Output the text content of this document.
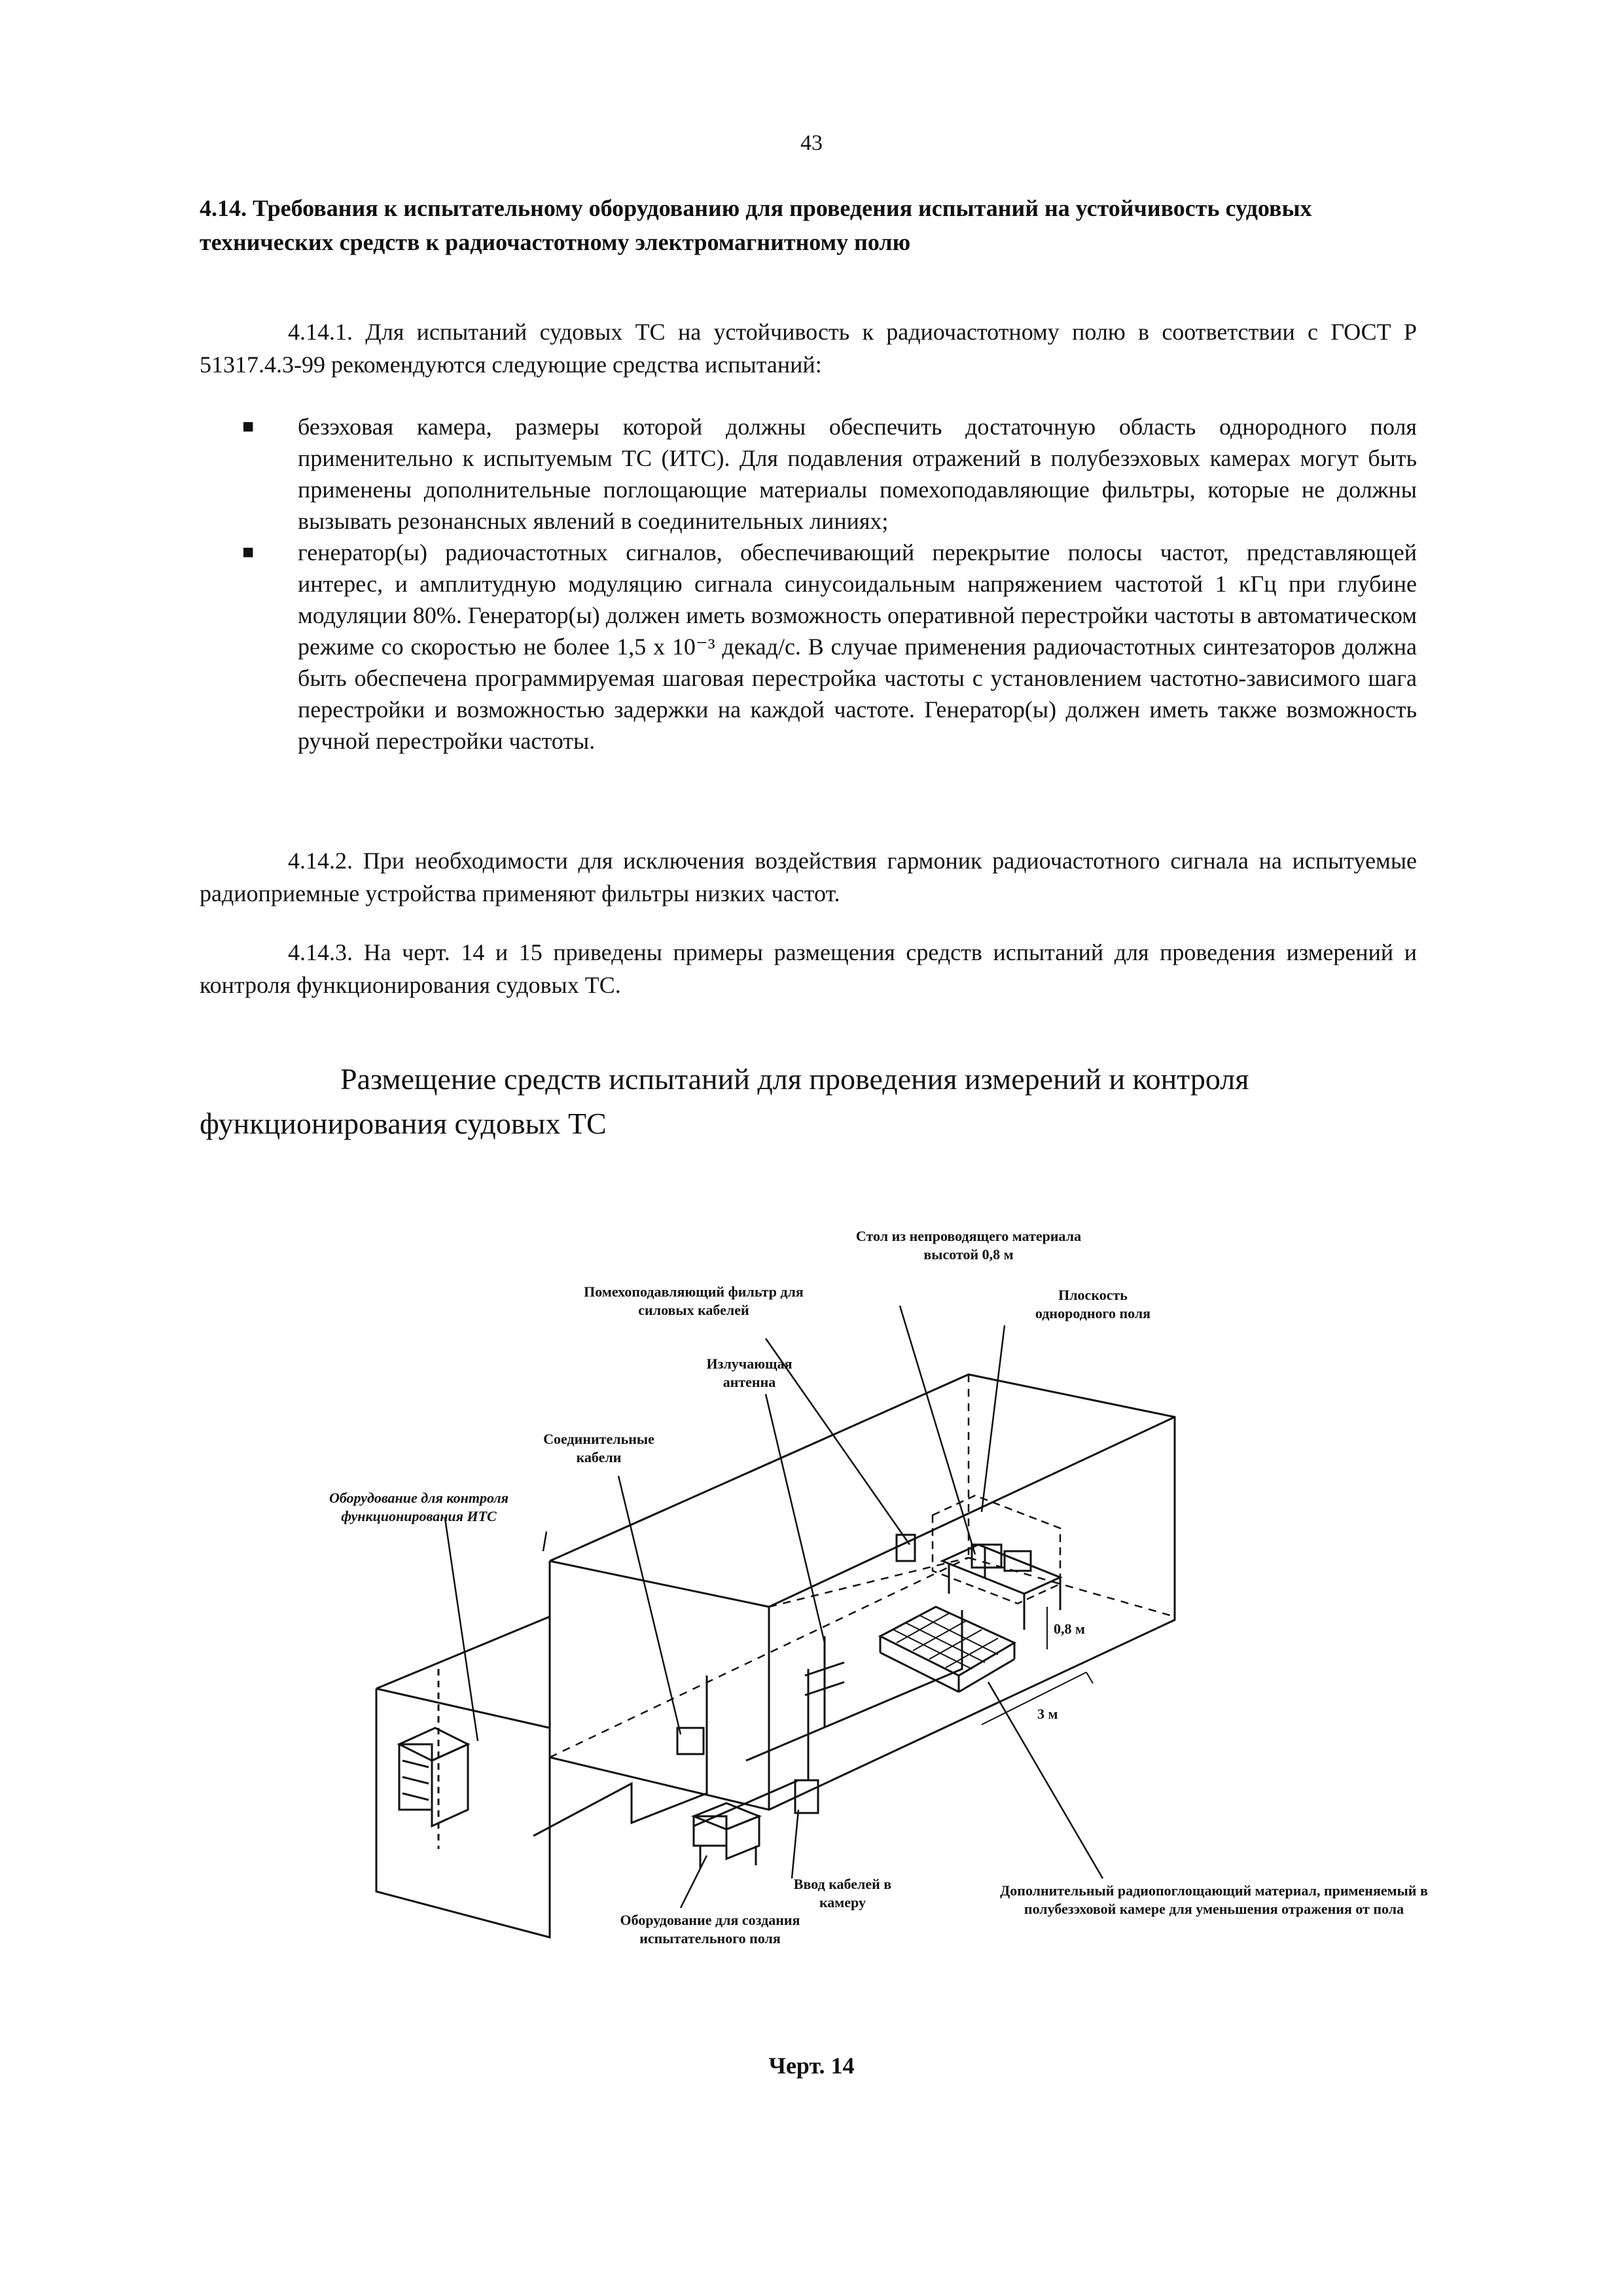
43
4.14. Требования к испытательному оборудованию для проведения испытаний на устойчивость судовых технических средств к радиочастотному электромагнитному полю
4.14.1. Для испытаний судовых ТС на устойчивость к радиочастотному полю в соответствии с ГОСТ Р 51317.4.3-99 рекомендуются следующие средства испытаний:
■ безэховая камера, размеры которой должны обеспечить достаточную область однородного поля применительно к испытуемым ТС (ИТС). Для подавления отражений в полубезэховых камерах могут быть применены дополнительные поглощающие материалы помехоподавляющие фильтры, которые не должны вызывать резонансных явлений в соединительных линиях;
■ генератор(ы) радиочастотных сигналов, обеспечивающий перекрытие полосы частот, представляющей интерес, и амплитудную модуляцию сигнала синусоидальным напряжением частотой 1 кГц при глубине модуляции 80%. Генератор(ы) должен иметь возможность оперативной перестройки частоты в автоматическом режиме со скоростью не более 1,5 х 10⁻³ декад/с. В случае применения радиочастотных синтезаторов должна быть обеспечена программируемая шаговая перестройка частоты с установлением частотно-зависимого шага перестройки и возможностью задержки на каждой частоте. Генератор(ы) должен иметь также возможность ручной перестройки частоты.
4.14.2. При необходимости для исключения воздействия гармоник радиочастотного сигнала на испытуемые радиоприемные устройства применяют фильтры низких частот.
4.14.3. На черт. 14 и 15 приведены примеры размещения средств испытаний для проведения измерений и контроля функционирования судовых ТС.
Размещение средств испытаний для проведения измерений и контроля функционирования судовых ТС
Стол из непроводящего материала высотой 0,8 м
Помехоподавляющий фильтр для силовых кабелей
Плоскость однородного поля
Излучающая антенна
Соединительные кабели
Оборудование для контроля функционирования ИТС
0,8 м
3 м
Ввод кабелей в камеру
Оборудование для создания испытательного поля
Дополнительный радиопоглощающий материал, применяемый в полубезэховой камере для уменьшения отражения от пола
Черт. 14
